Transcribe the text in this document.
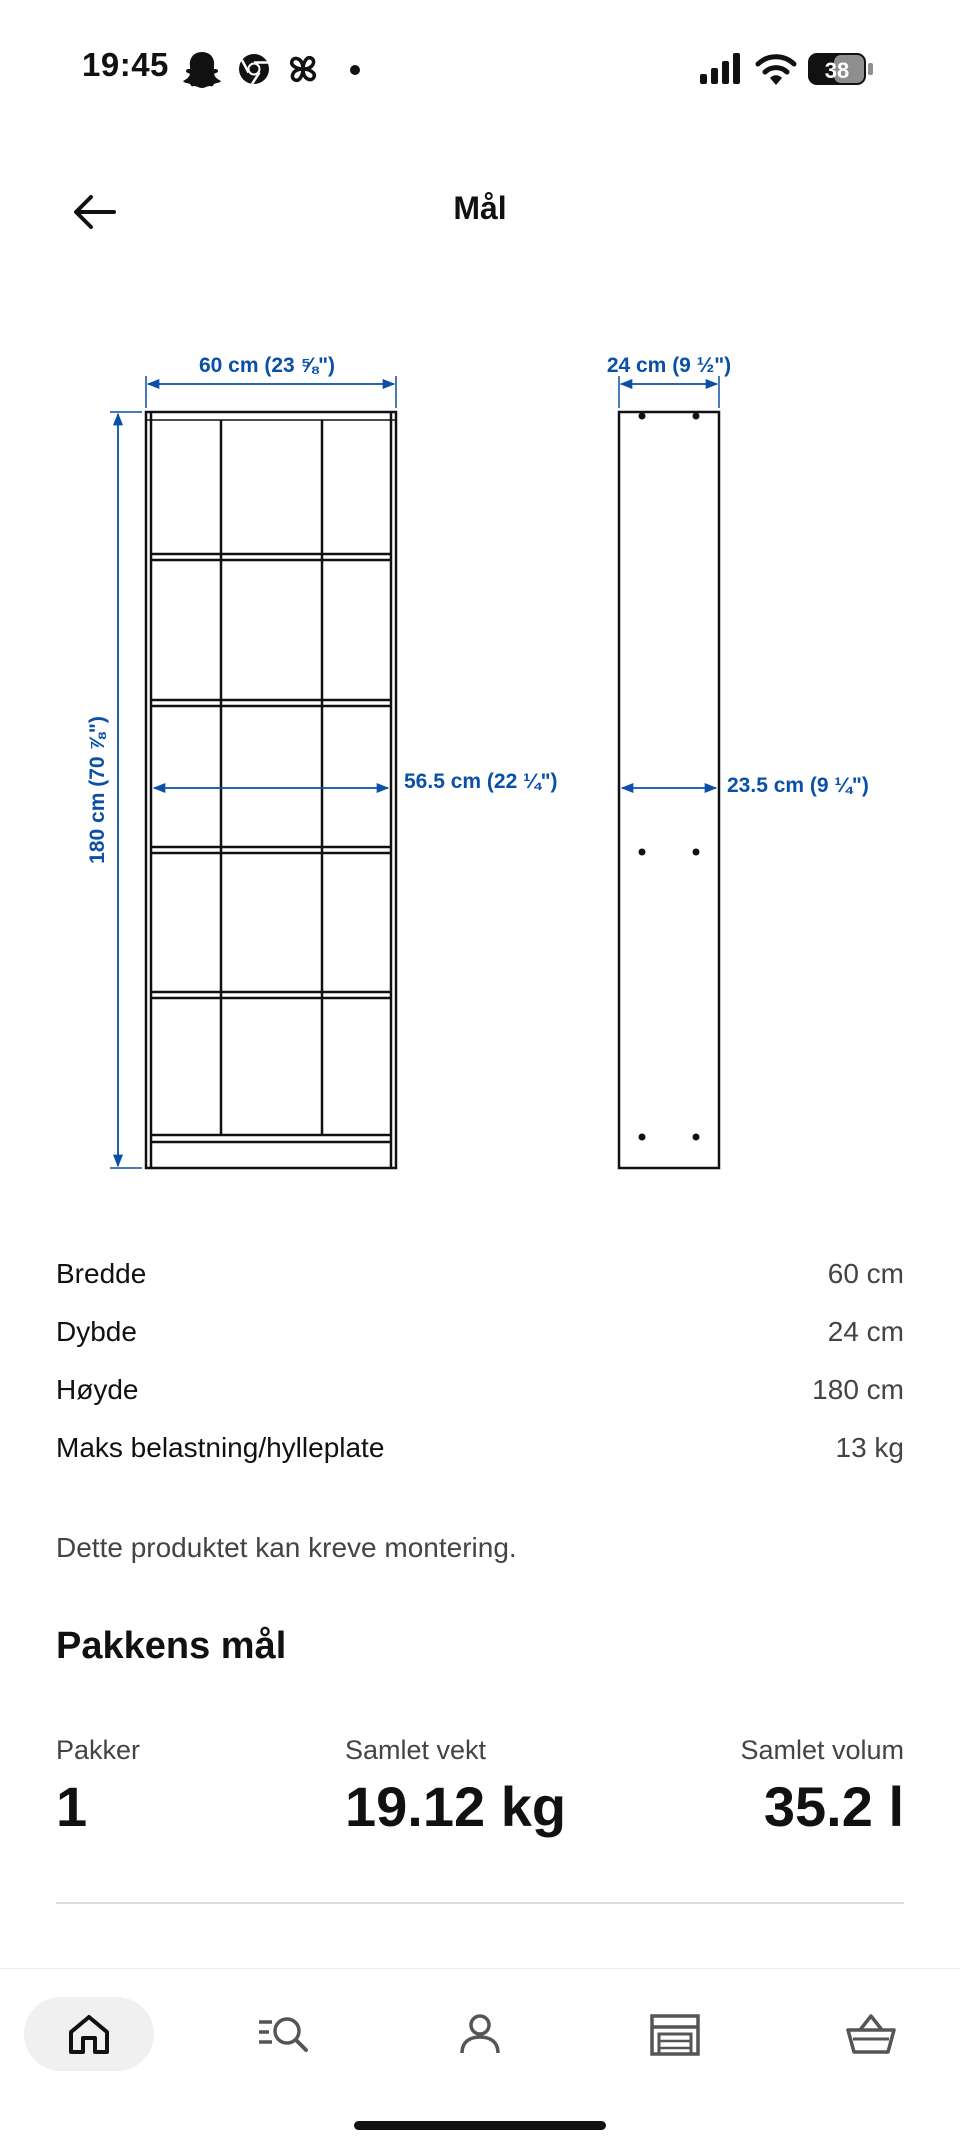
19:45	38
Mål
60 cm (23 ⅝")
180 cm (70 ⅞")	56.5 cm (22 ¼")
24 cm (9 ½")
23.5 cm (9 ¼")
Bredde	60 cm
Dybde	24 cm
Høyde	180 cm
Maks belastning/hylleplate	13 kg
Dette produktet kan kreve montering.
Pakkens mål
Pakker
1
Samlet vekt
19.12 kg
Samlet volum
35.2 l
